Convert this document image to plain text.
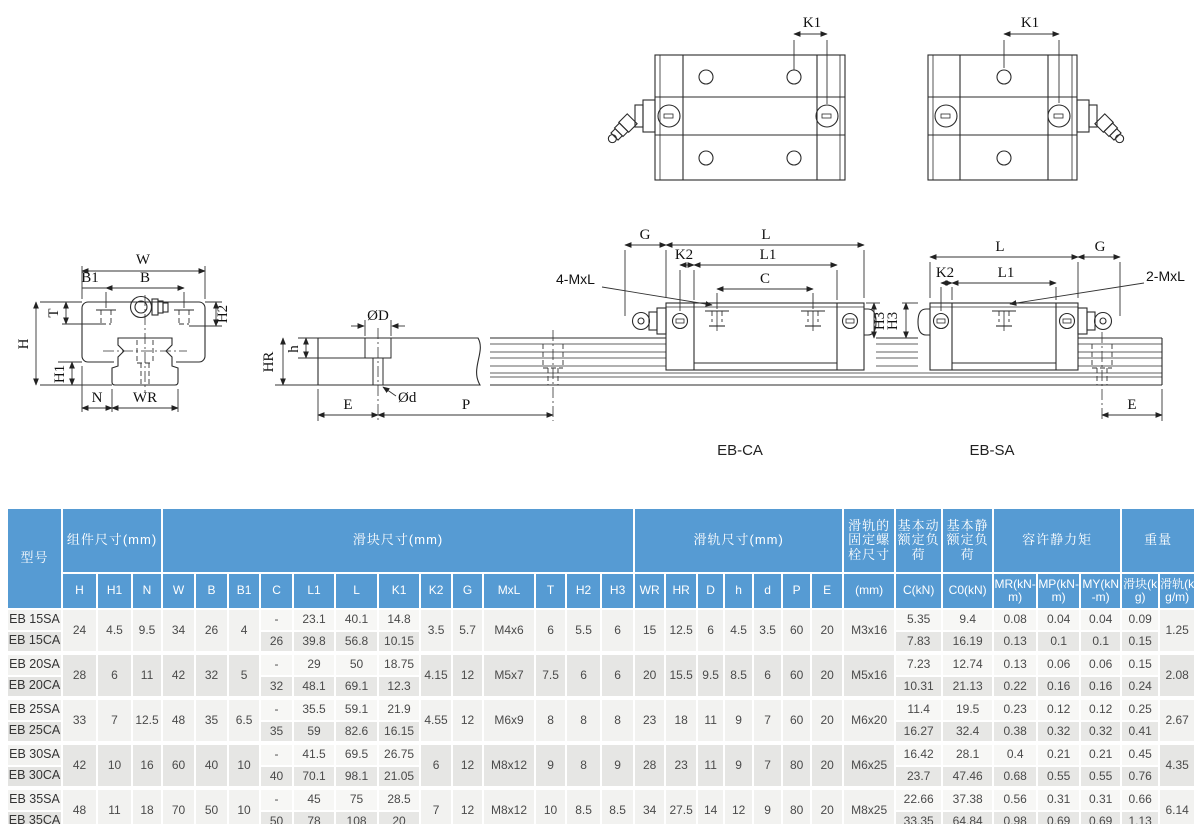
K1	K1
W
B
B1
T	H2
H
H1
N WR
ØD
h
HR
Ød
E	P	E
G	L
K2	L1
C
4-MxL
H3
L	G
K2	L1	2-MxL
H3
EB-CA	EB-SA
型号	组件尺寸(mm)			滑块尺寸(mm)													滑轨尺寸(mm)							滑轨的固定螺栓尺寸	基本动额定负荷	基本静额定负荷	容许静力矩			重量	
	H	H1	N	W	B	B1	C	L1	L	K1	K2	G	MxL	T	H2	H3	WR	HR	D	h	d	P	E	(mm)	C(kN)	C0(kN)	MR(kN-m)	MP(kN-m)	MY(kN-m)	滑块(kg)	滑轨(kg/m)
EB 15SA	24	4.5	9.5	34	26	4	-	23.1	40.1	14.8	3.5	5.7	M4x6	6	5.5	6	15	12.5	6	4.5	3.5	60	20	M3x16	5.35	9.4	0.08	0.04	0.04	0.09	1.25
EB 15CA							26	39.8	56.8	10.15															7.83	16.19	0.13	0.1	0.1	0.15	
EB 20SA	28	6	11	42	32	5	-	29	50	18.75	4.15	12	M5x7	7.5	6	6	20	15.5	9.5	8.5	6	60	20	M5x16	7.23	12.74	0.13	0.06	0.06	0.15	2.08
EB 20CA							32	48.1	69.1	12.3															10.31	21.13	0.22	0.16	0.16	0.24	
EB 25SA	33	7	12.5	48	35	6.5	-	35.5	59.1	21.9	4.55	12	M6x9	8	8	8	23	18	11	9	7	60	20	M6x20	11.4	19.5	0.23	0.12	0.12	0.25	2.67
EB 25CA							35	59	82.6	16.15															16.27	32.4	0.38	0.32	0.32	0.41	
EB 30SA	42	10	16	60	40	10	-	41.5	69.5	26.75	6	12	M8x12	9	8	9	28	23	11	9	7	80	20	M6x25	16.42	28.1	0.4	0.21	0.21	0.45	4.35
EB 30CA							40	70.1	98.1	21.05															23.7	47.46	0.68	0.55	0.55	0.76	
EB 35SA	48	11	18	70	50	10	-	45	75	28.5	7	12	M8x12	10	8.5	8.5	34	27.5	14	12	9	80	20	M8x25	22.66	37.38	0.56	0.31	0.31	0.66	6.14
EB 35CA							50	78	108	20															33.35	64.84	0.98	0.69	0.69	1.13	
